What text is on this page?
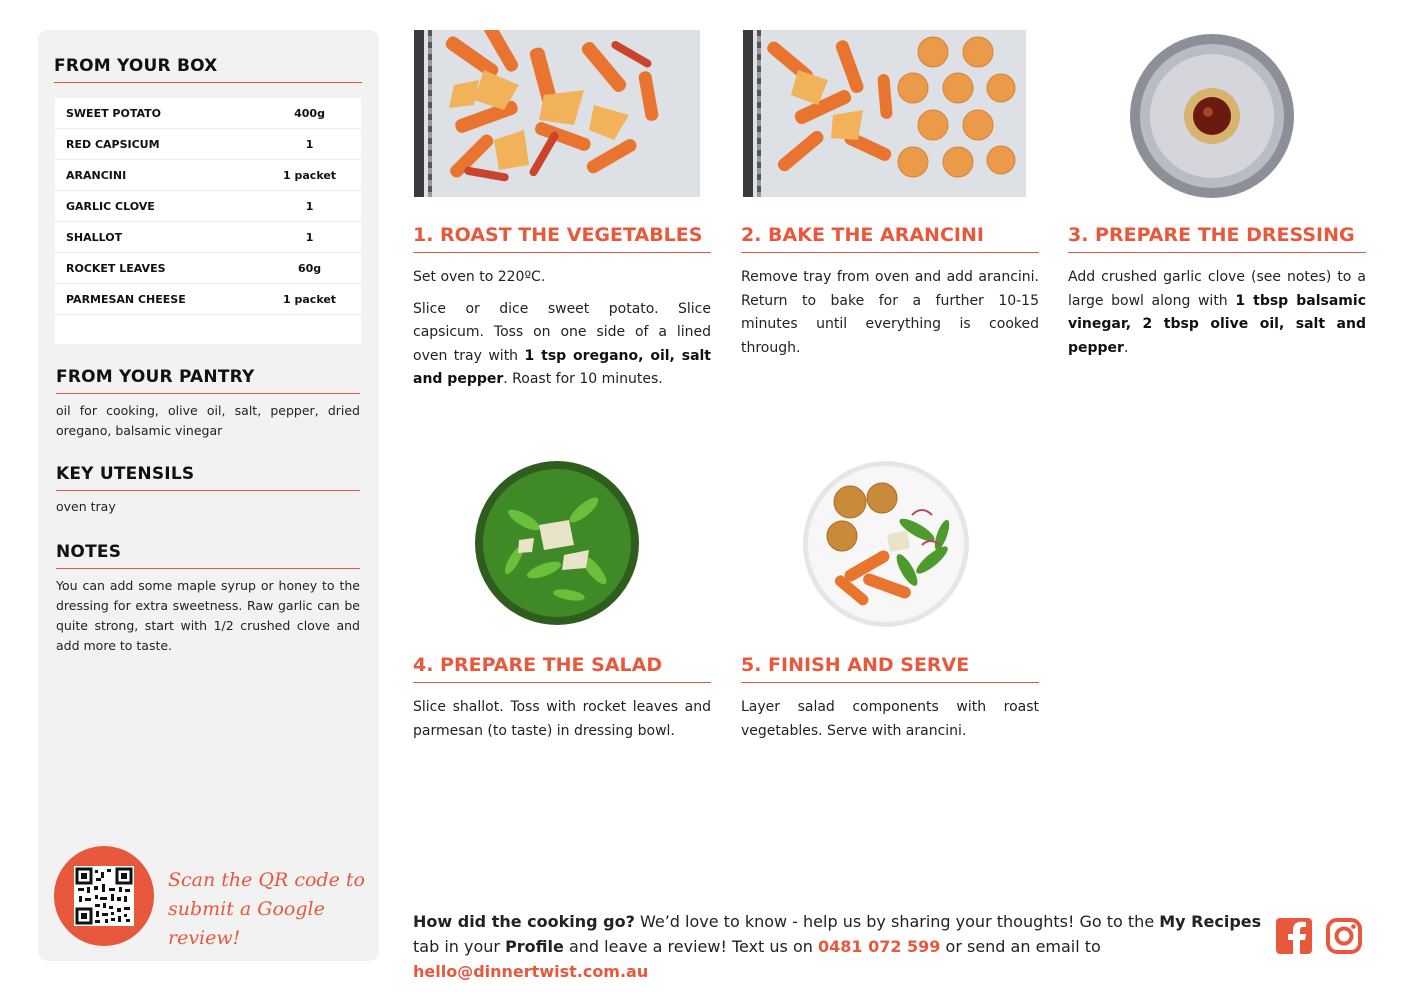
FROM YOUR BOX
SWEET POTATO	400g
RED CAPSICUM	1
ARANCINI	1 packet
GARLIC CLOVE	1
SHALLOT	1
ROCKET LEAVES	60g
PARMESAN CHEESE	1 packet
FROM YOUR PANTRY
oil for cooking, olive oil, salt, pepper, dried oregano, balsamic vinegar
KEY UTENSILS
oven tray
NOTES
You can add some maple syrup or honey to the dressing for extra sweetness. Raw garlic can be quite strong, start with 1/2 crushed clove and add more to taste.
Scan the QR code to
submit a Google review!
1. ROAST THE VEGETABLES

Set oven to 220ºC.

Slice or dice sweet potato. Slice capsicum. Toss on one side of a lined oven tray with 1 tsp oregano, oil, salt and pepper. Roast for 10 minutes.

2. BAKE THE ARANCINI

Remove tray from oven and add arancini. Return to bake for a further 10-15 minutes until everything is cooked through.

3. PREPARE THE DRESSING

Add crushed garlic clove (see notes) to a large bowl along with 1 tbsp balsamic vinegar, 2 tbsp olive oil, salt and pepper.

4. PREPARE THE SALAD

Slice shallot. Toss with rocket leaves and parmesan (to taste) in dressing bowl.

5. FINISH AND SERVE

Layer salad components with roast vegetables. Serve with arancini.

How did the cooking go? We’d love to know - help us by sharing your thoughts! Go to the My Recipes tab in your Profile and leave a review! Text us on 0481 072 599 or send an email to hello@dinnertwist.com.au
